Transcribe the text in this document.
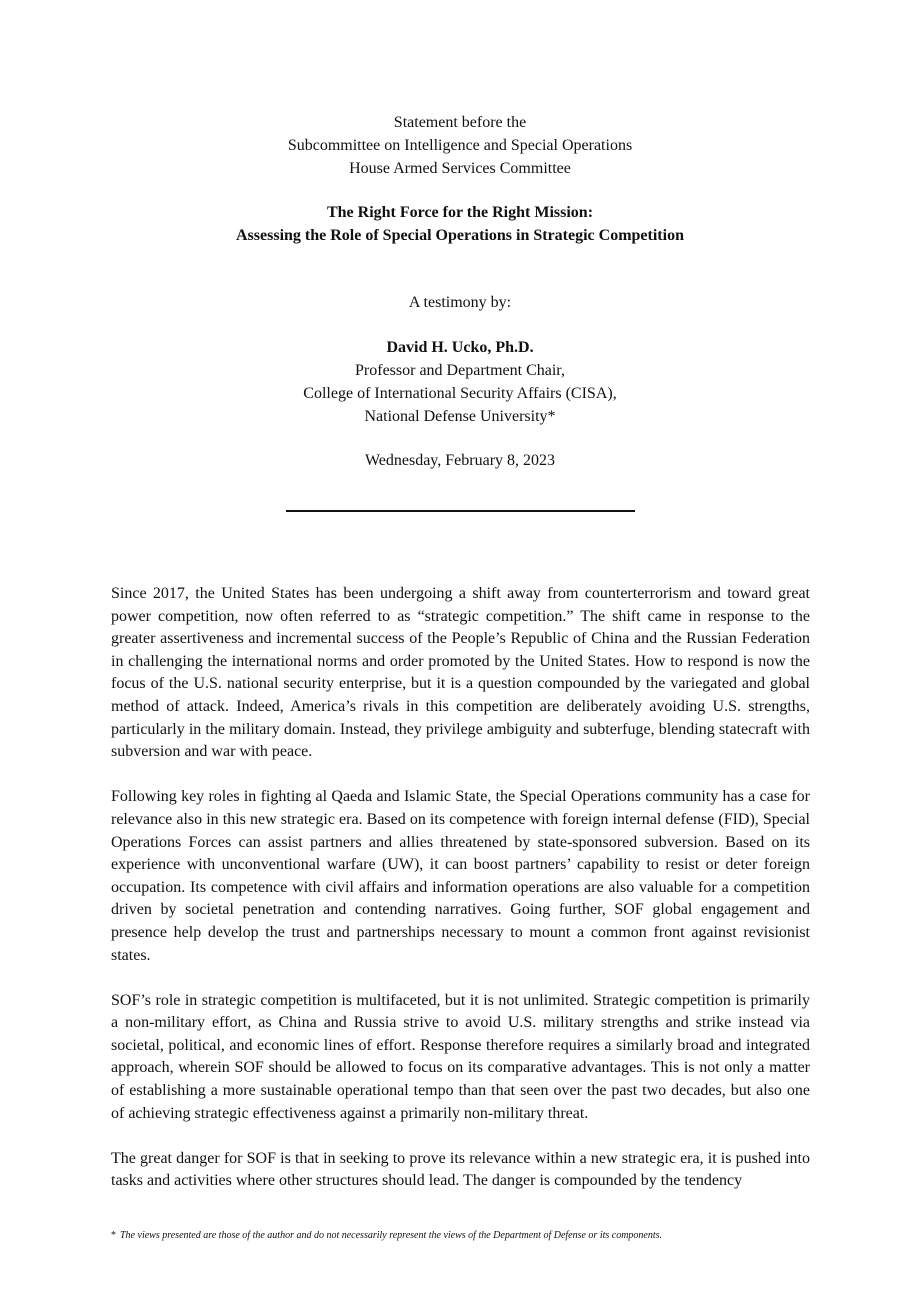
Statement before the
Subcommittee on Intelligence and Special Operations
House Armed Services Committee
The Right Force for the Right Mission:
Assessing the Role of Special Operations in Strategic Competition
A testimony by:
David H. Ucko, Ph.D.
Professor and Department Chair,
College of International Security Affairs (CISA),
National Defense University*
Wednesday, February 8, 2023

Since 2017, the United States has been undergoing a shift away from counterterrorism and toward great power competition, now often referred to as “strategic competition.” The shift came in response to the greater assertiveness and incremental success of the People’s Republic of China and the Russian Federation in challenging the international norms and order promoted by the United States. How to respond is now the focus of the U.S. national security enterprise, but it is a question compounded by the variegated and global method of attack. Indeed, America’s rivals in this competition are deliberately avoiding U.S. strengths, particularly in the military domain. Instead, they privilege ambiguity and subterfuge, blending statecraft with subversion and war with peace.

Following key roles in fighting al Qaeda and Islamic State, the Special Operations community has a case for relevance also in this new strategic era. Based on its competence with foreign internal defense (FID), Special Operations Forces can assist partners and allies threatened by state-sponsored subversion. Based on its experience with unconventional warfare (UW), it can boost partners’ capability to resist or deter foreign occupation. Its competence with civil affairs and information operations are also valuable for a competition driven by societal penetration and contending narratives. Going further, SOF global engagement and presence help develop the trust and partnerships necessary to mount a common front against revisionist states.

SOF’s role in strategic competition is multifaceted, but it is not unlimited. Strategic competition is primarily a non-military effort, as China and Russia strive to avoid U.S. military strengths and strike instead via societal, political, and economic lines of effort. Response therefore requires a similarly broad and integrated approach, wherein SOF should be allowed to focus on its comparative advantages. This is not only a matter of establishing a more sustainable operational tempo than that seen over the past two decades, but also one of achieving strategic effectiveness against a primarily non-military threat.

The great danger for SOF is that in seeking to prove its relevance within a new strategic era, it is pushed into tasks and activities where other structures should lead. The danger is compounded by the tendency

* The views presented are those of the author and do not necessarily represent the views of the Department of Defense or its components.
